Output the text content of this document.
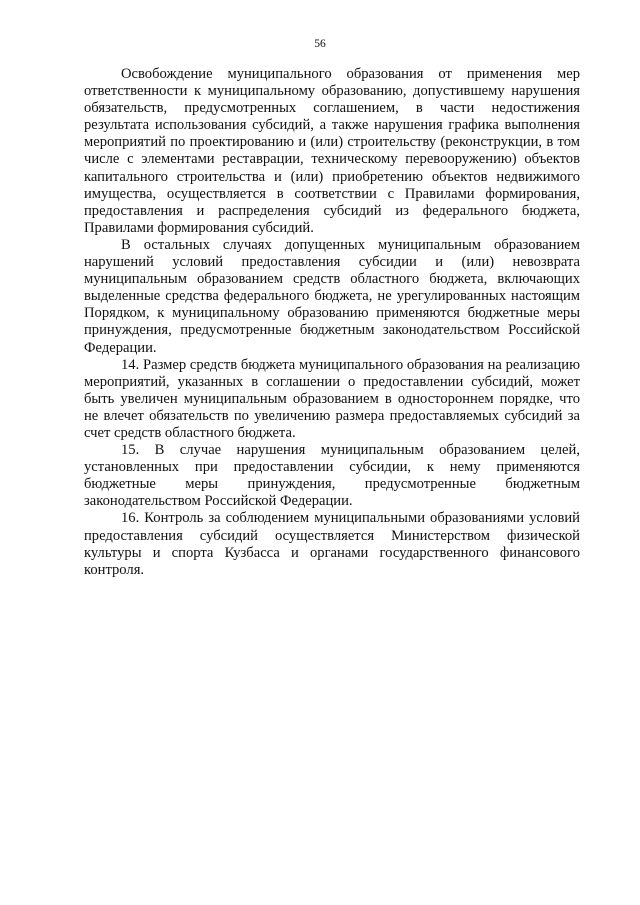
56

Освобождение муниципального образования от применения мер ответственности к муниципальному образованию, допустившему нарушения обязательств, предусмотренных соглашением, в части недостижения результата использования субсидий, а также нарушения графика выполнения мероприятий по проектированию и (или) строительству (реконструкции, в том числе с элементами реставрации, техническому перевооружению) объектов капитального строительства и (или) приобретению объектов недвижимого имущества, осуществляется в соответствии с Правилами формирования, предоставления и распределения субсидий из федерального бюджета, Правилами формирования субсидий.

В остальных случаях допущенных муниципальным образованием нарушений условий предоставления субсидии и (или) невозврата муниципальным образованием средств областного бюджета, включающих выделенные средства федерального бюджета, не урегулированных настоящим Порядком, к муниципальному образованию применяются бюджетные меры принуждения, предусмотренные бюджетным законодательством Российской Федерации.

14. Размер средств бюджета муниципального образования на реализацию мероприятий, указанных в соглашении о предоставлении субсидий, может быть увеличен муниципальным образованием в одностороннем порядке, что не влечет обязательств по увеличению размера предоставляемых субсидий за счет средств областного бюджета.

15. В случае нарушения муниципальным образованием целей, установленных при предоставлении субсидии, к нему применяются бюджетные меры принуждения, предусмотренные бюджетным законодательством Российской Федерации.

16. Контроль за соблюдением муниципальными образованиями условий предоставления субсидий осуществляется Министерством физической культуры и спорта Кузбасса и органами государственного финансового контроля.
